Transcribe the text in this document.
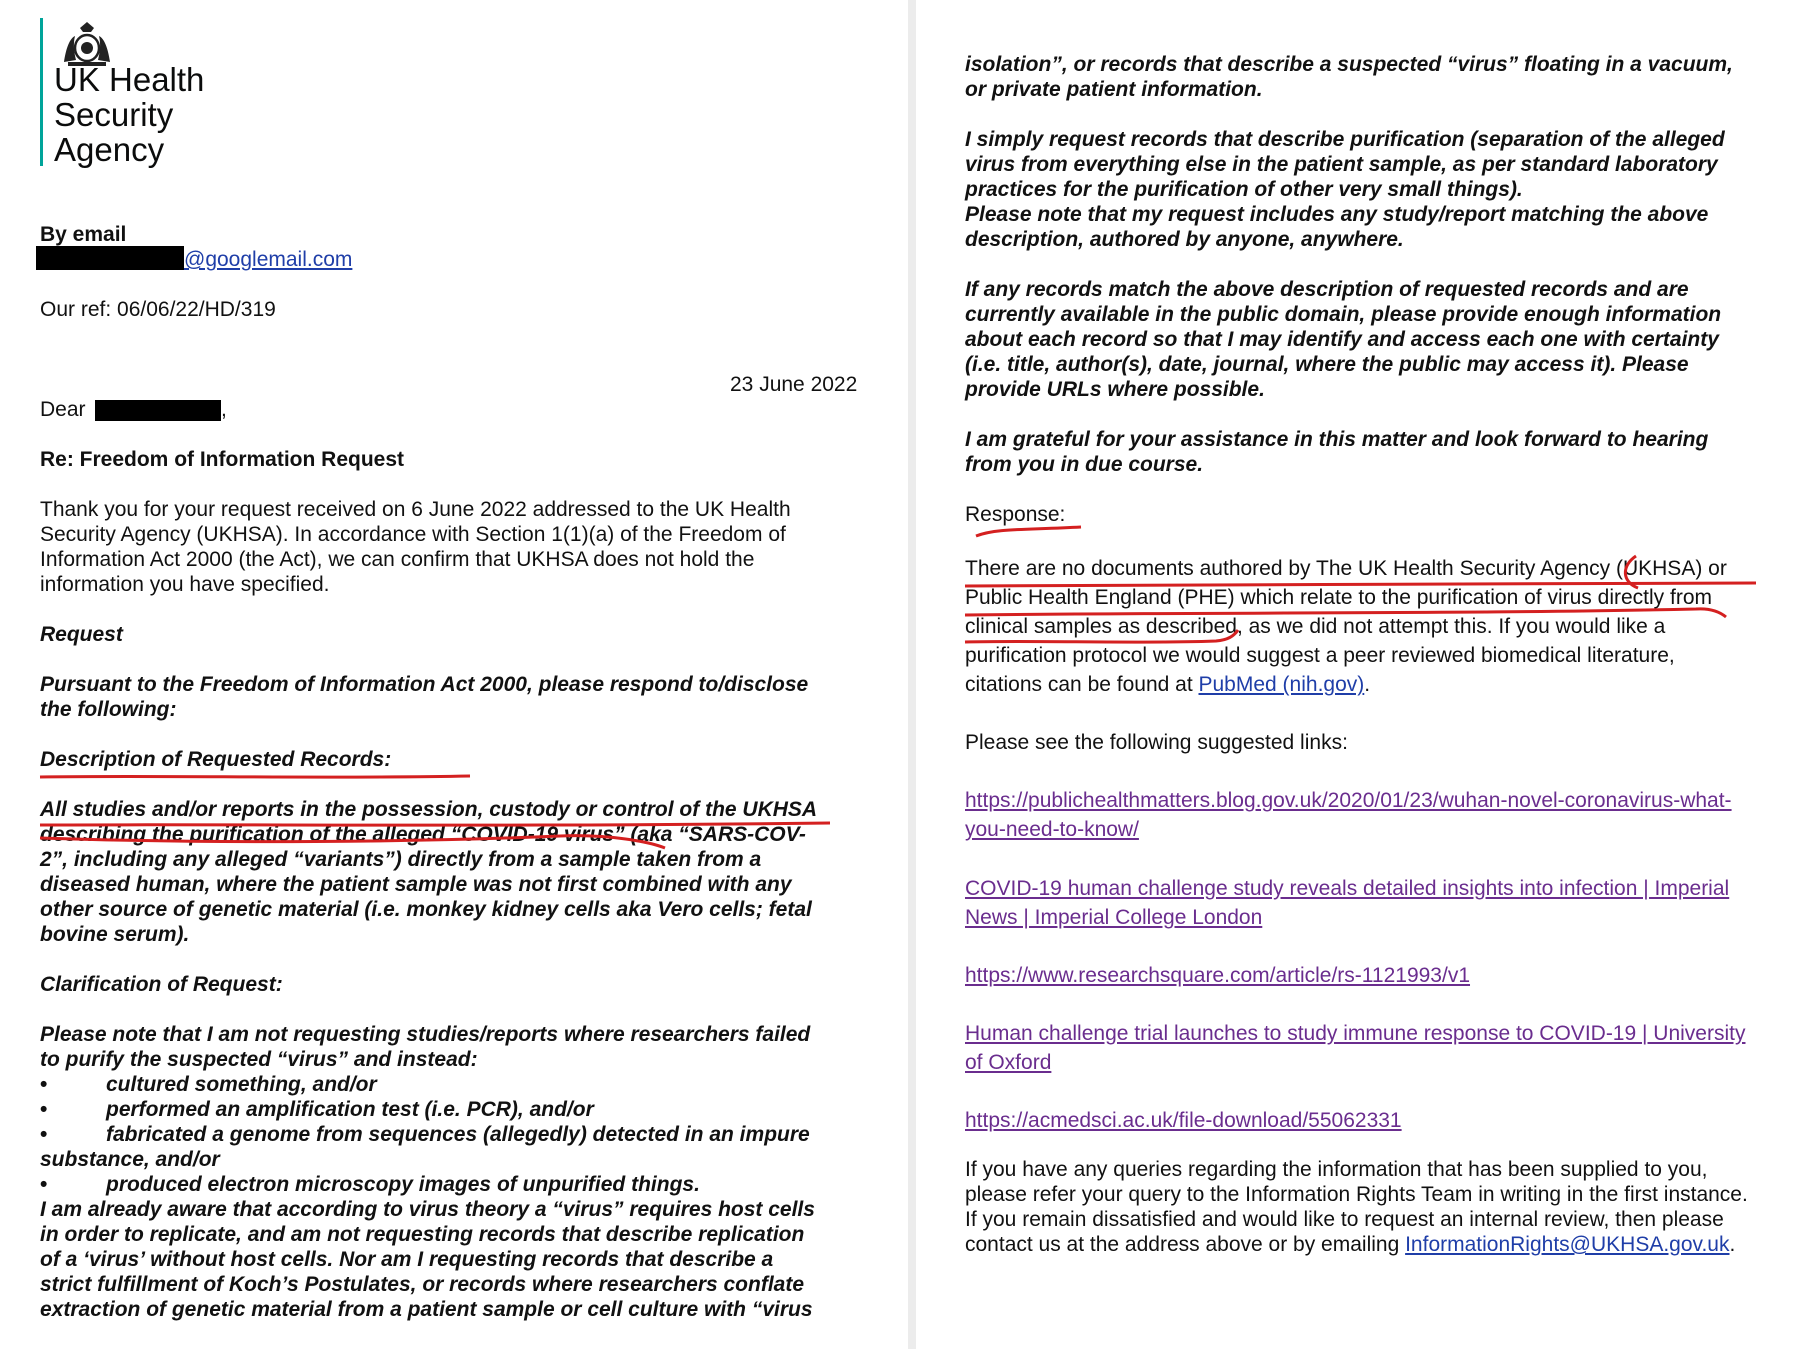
UK Health
Security
Agency
By email
@googlemail.com
Our ref: 06/06/22/HD/319
23 June 2022
Dear	,
Re: Freedom of Information Request
Thank you for your request received on 6 June 2022 addressed to the UK Health
Security Agency (UKHSA). In accordance with Section 1(1)(a) of the Freedom of
Information Act 2000 (the Act), we can confirm that UKHSA does not hold the
information you have specified.
Request
Pursuant to the Freedom of Information Act 2000, please respond to/disclose
the following:
Description of Requested Records:
All studies and/or reports in the possession, custody or control of the UKHSA
describing the purification of the alleged “COVID-19 virus” (aka “SARS-COV-
2”, including any alleged “variants”) directly from a sample taken from a
diseased human, where the patient sample was not first combined with any
other source of genetic material (i.e. monkey kidney cells aka Vero cells; fetal
bovine serum).
Clarification of Request:
Please note that I am not requesting studies/reports where researchers failed
to purify the suspected “virus” and instead:
•	cultured something, and/or
•	performed an amplification test (i.e. PCR), and/or
•	fabricated a genome from sequences (allegedly) detected in an impure
substance, and/or
•	produced electron microscopy images of unpurified things.
I am already aware that according to virus theory a “virus” requires host cells
in order to replicate, and am not requesting records that describe replication
of a ‘virus’ without host cells. Nor am I requesting records that describe a
strict fulfillment of Koch’s Postulates, or records where researchers conflate
extraction of genetic material from a patient sample or cell culture with “virus
isolation”, or records that describe a suspected “virus” floating in a vacuum,
or private patient information.
I simply request records that describe purification (separation of the alleged
virus from everything else in the patient sample, as per standard laboratory
practices for the purification of other very small things).
Please note that my request includes any study/report matching the above
description, authored by anyone, anywhere.
If any records match the above description of requested records and are
currently available in the public domain, please provide enough information
about each record so that I may identify and access each one with certainty
(i.e. title, author(s), date, journal, where the public may access it). Please
provide URLs where possible.
I am grateful for your assistance in this matter and look forward to hearing
from you in due course.
Response:
There are no documents authored by The UK Health Security Agency (UKHSA) or
Public Health England (PHE) which relate to the purification of virus directly from
clinical samples as described, as we did not attempt this. If you would like a
purification protocol we would suggest a peer reviewed biomedical literature,
citations can be found at PubMed (nih.gov).
Please see the following suggested links:
https://publichealthmatters.blog.gov.uk/2020/01/23/wuhan-novel-coronavirus-what-
you-need-to-know/
COVID-19 human challenge study reveals detailed insights into infection | Imperial
News | Imperial College London
https://www.researchsquare.com/article/rs-1121993/v1
Human challenge trial launches to study immune response to COVID-19 | University
of Oxford
https://acmedsci.ac.uk/file-download/55062331
If you have any queries regarding the information that has been supplied to you,
please refer your query to the Information Rights Team in writing in the first instance.
If you remain dissatisfied and would like to request an internal review, then please
contact us at the address above or by emailing InformationRights@UKHSA.gov.uk.
